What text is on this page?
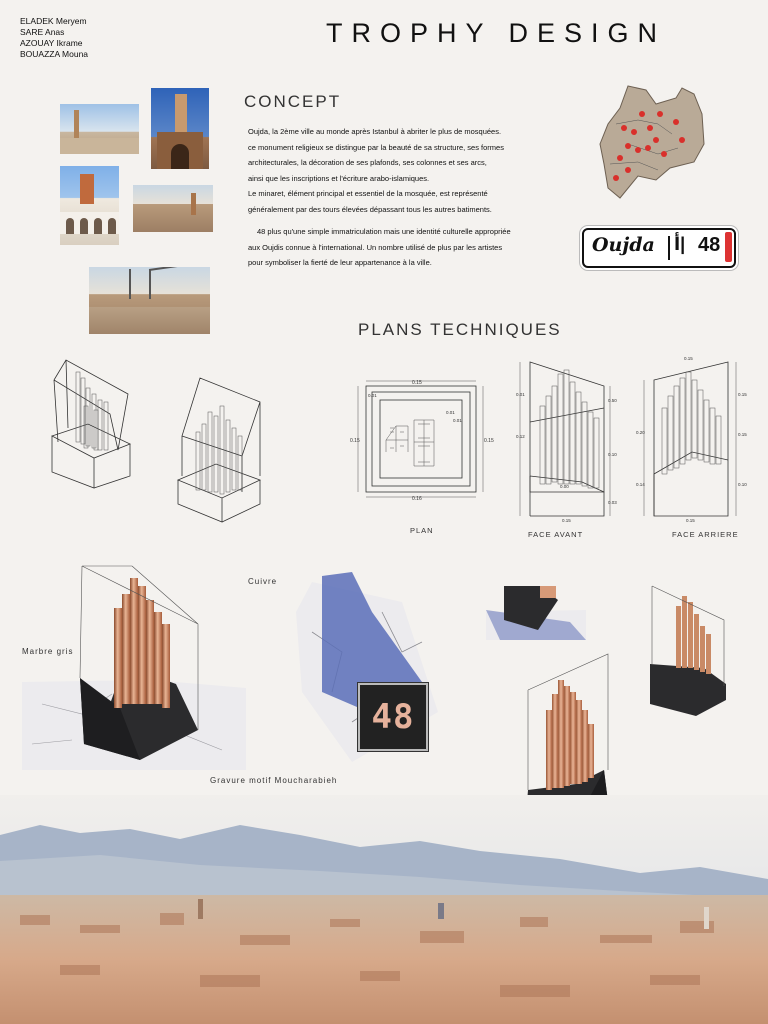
ELADEK Meryem
SARE Anas
AZOUAY Ikrame
BOUAZZA Mouna
TROPHY DESIGN
CONCEPT
Oujda, la 2ème ville au monde après Istanbul à abriter le plus de mosquées.
ce monument religieux se distingue par la beauté de sa structure, ses formes
architecturales, la décoration de ses plafonds, ses colonnes et ses arcs,
ainsi que les inscriptions et l'écriture arabo-islamiques.
Le minaret, élément principal et essentiel de la mosquée, est représenté
généralement par des tours élevées dépassant tous les autres batiments.
48 plus qu'une simple immatriculation mais une identité culturelle appropriée
aux Oujdis connue à l'international. Un nombre utilisé de plus par les artistes
pour symboliser la fierté de leur appartenance à la ville.
Oujda أ| 48
PLANS TECHNIQUES
0.15
0.16
0.15	0.15
0.01
0.01
0.01
PLAN
0.01
0.12
0.50
0.10
0.03
0.15
0.00
FACE AVANT
0.15
0.20
0.14
0.15
0.15
0.10
0.15
FACE ARRIERE
Marbre gris
Cuivre
Gravure motif Moucharabieh
48
